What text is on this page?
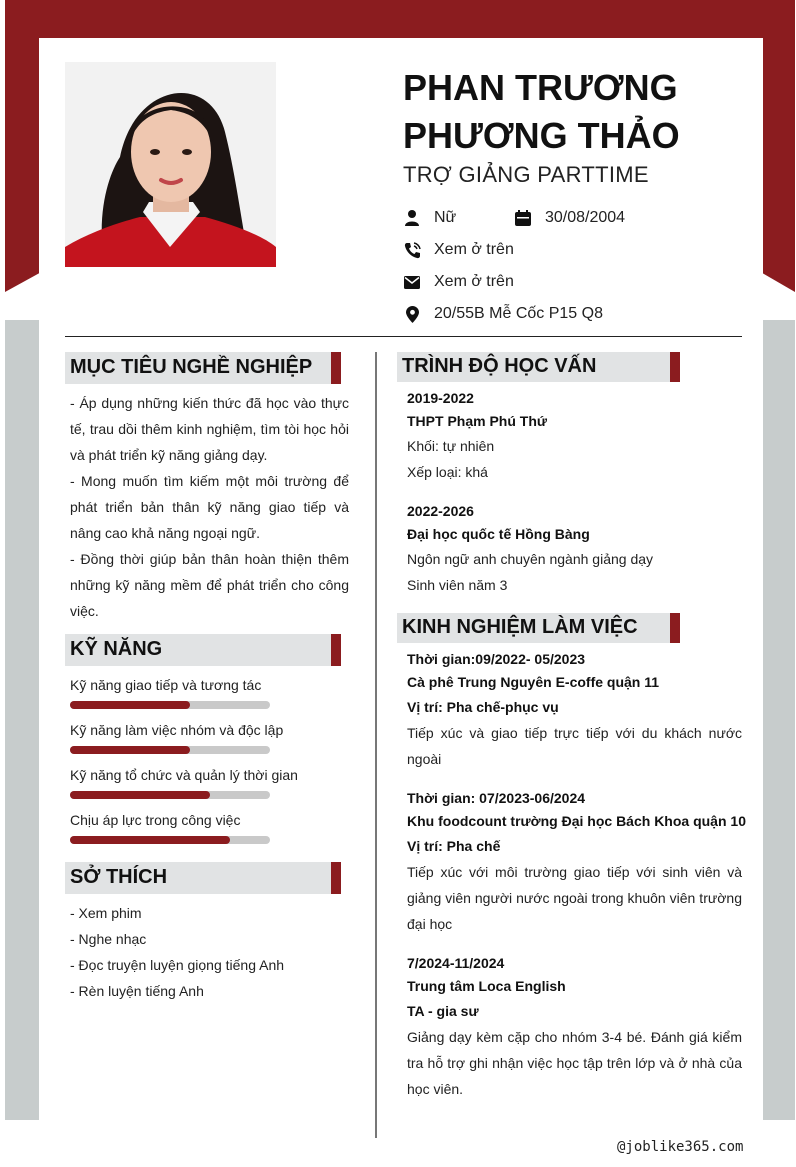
PHAN TRƯƠNG
PHƯƠNG THẢO
TRỢ GIẢNG PARTTIME
Nữ	30/08/2004
Xem ở trên
Xem ở trên
20/55B Mễ Cốc P15 Q8
MỤC TIÊU NGHỀ NGHIỆP
- Áp dụng những kiến thức đã học vào thực tế, trau dồi thêm kinh nghiệm, tìm tòi học hỏi và phát triển kỹ năng giảng dạy.
- Mong muốn tìm kiếm một môi trường để phát triển bản thân kỹ năng giao tiếp và nâng cao khả năng ngoại ngữ.
- Đồng thời giúp bản thân hoàn thiện thêm những kỹ năng mềm để phát triển cho công việc.
KỸ NĂNG
Kỹ năng giao tiếp và tương tác
Kỹ năng làm việc nhóm và độc lập
Kỹ năng tổ chức và quản lý thời gian
Chịu áp lực trong công việc
SỞ THÍCH
- Xem phim
- Nghe nhạc
- Đọc truyện luyện giọng tiếng Anh
- Rèn luyện tiếng Anh
TRÌNH ĐỘ HỌC VẤN
2019-2022
THPT Phạm Phú Thứ
Khối: tự nhiên
Xếp loại: khá
2022-2026
Đại học quốc tế Hồng Bàng
Ngôn ngữ anh chuyên ngành giảng dạy
Sinh viên năm 3
KINH NGHIỆM LÀM VIỆC
Thời gian:09/2022- 05/2023
Cà phê Trung Nguyên E-coffe quận 11
Vị trí: Pha chế-phục vụ
Tiếp xúc và giao tiếp trực tiếp với du khách nước ngoài
Thời gian: 07/2023-06/2024
Khu foodcount trường Đại học Bách Khoa quận 10
Vị trí: Pha chế
Tiếp xúc với môi trường giao tiếp với sinh viên và giảng viên người nước ngoài trong khuôn viên trường đại học
7/2024-11/2024
Trung tâm Loca English
TA - gia sư
Giảng dạy kèm cặp cho nhóm 3-4 bé. Đánh giá kiểm tra hỗ trợ ghi nhận việc học tập trên lớp và ở nhà của học viên.
@joblike365.com
